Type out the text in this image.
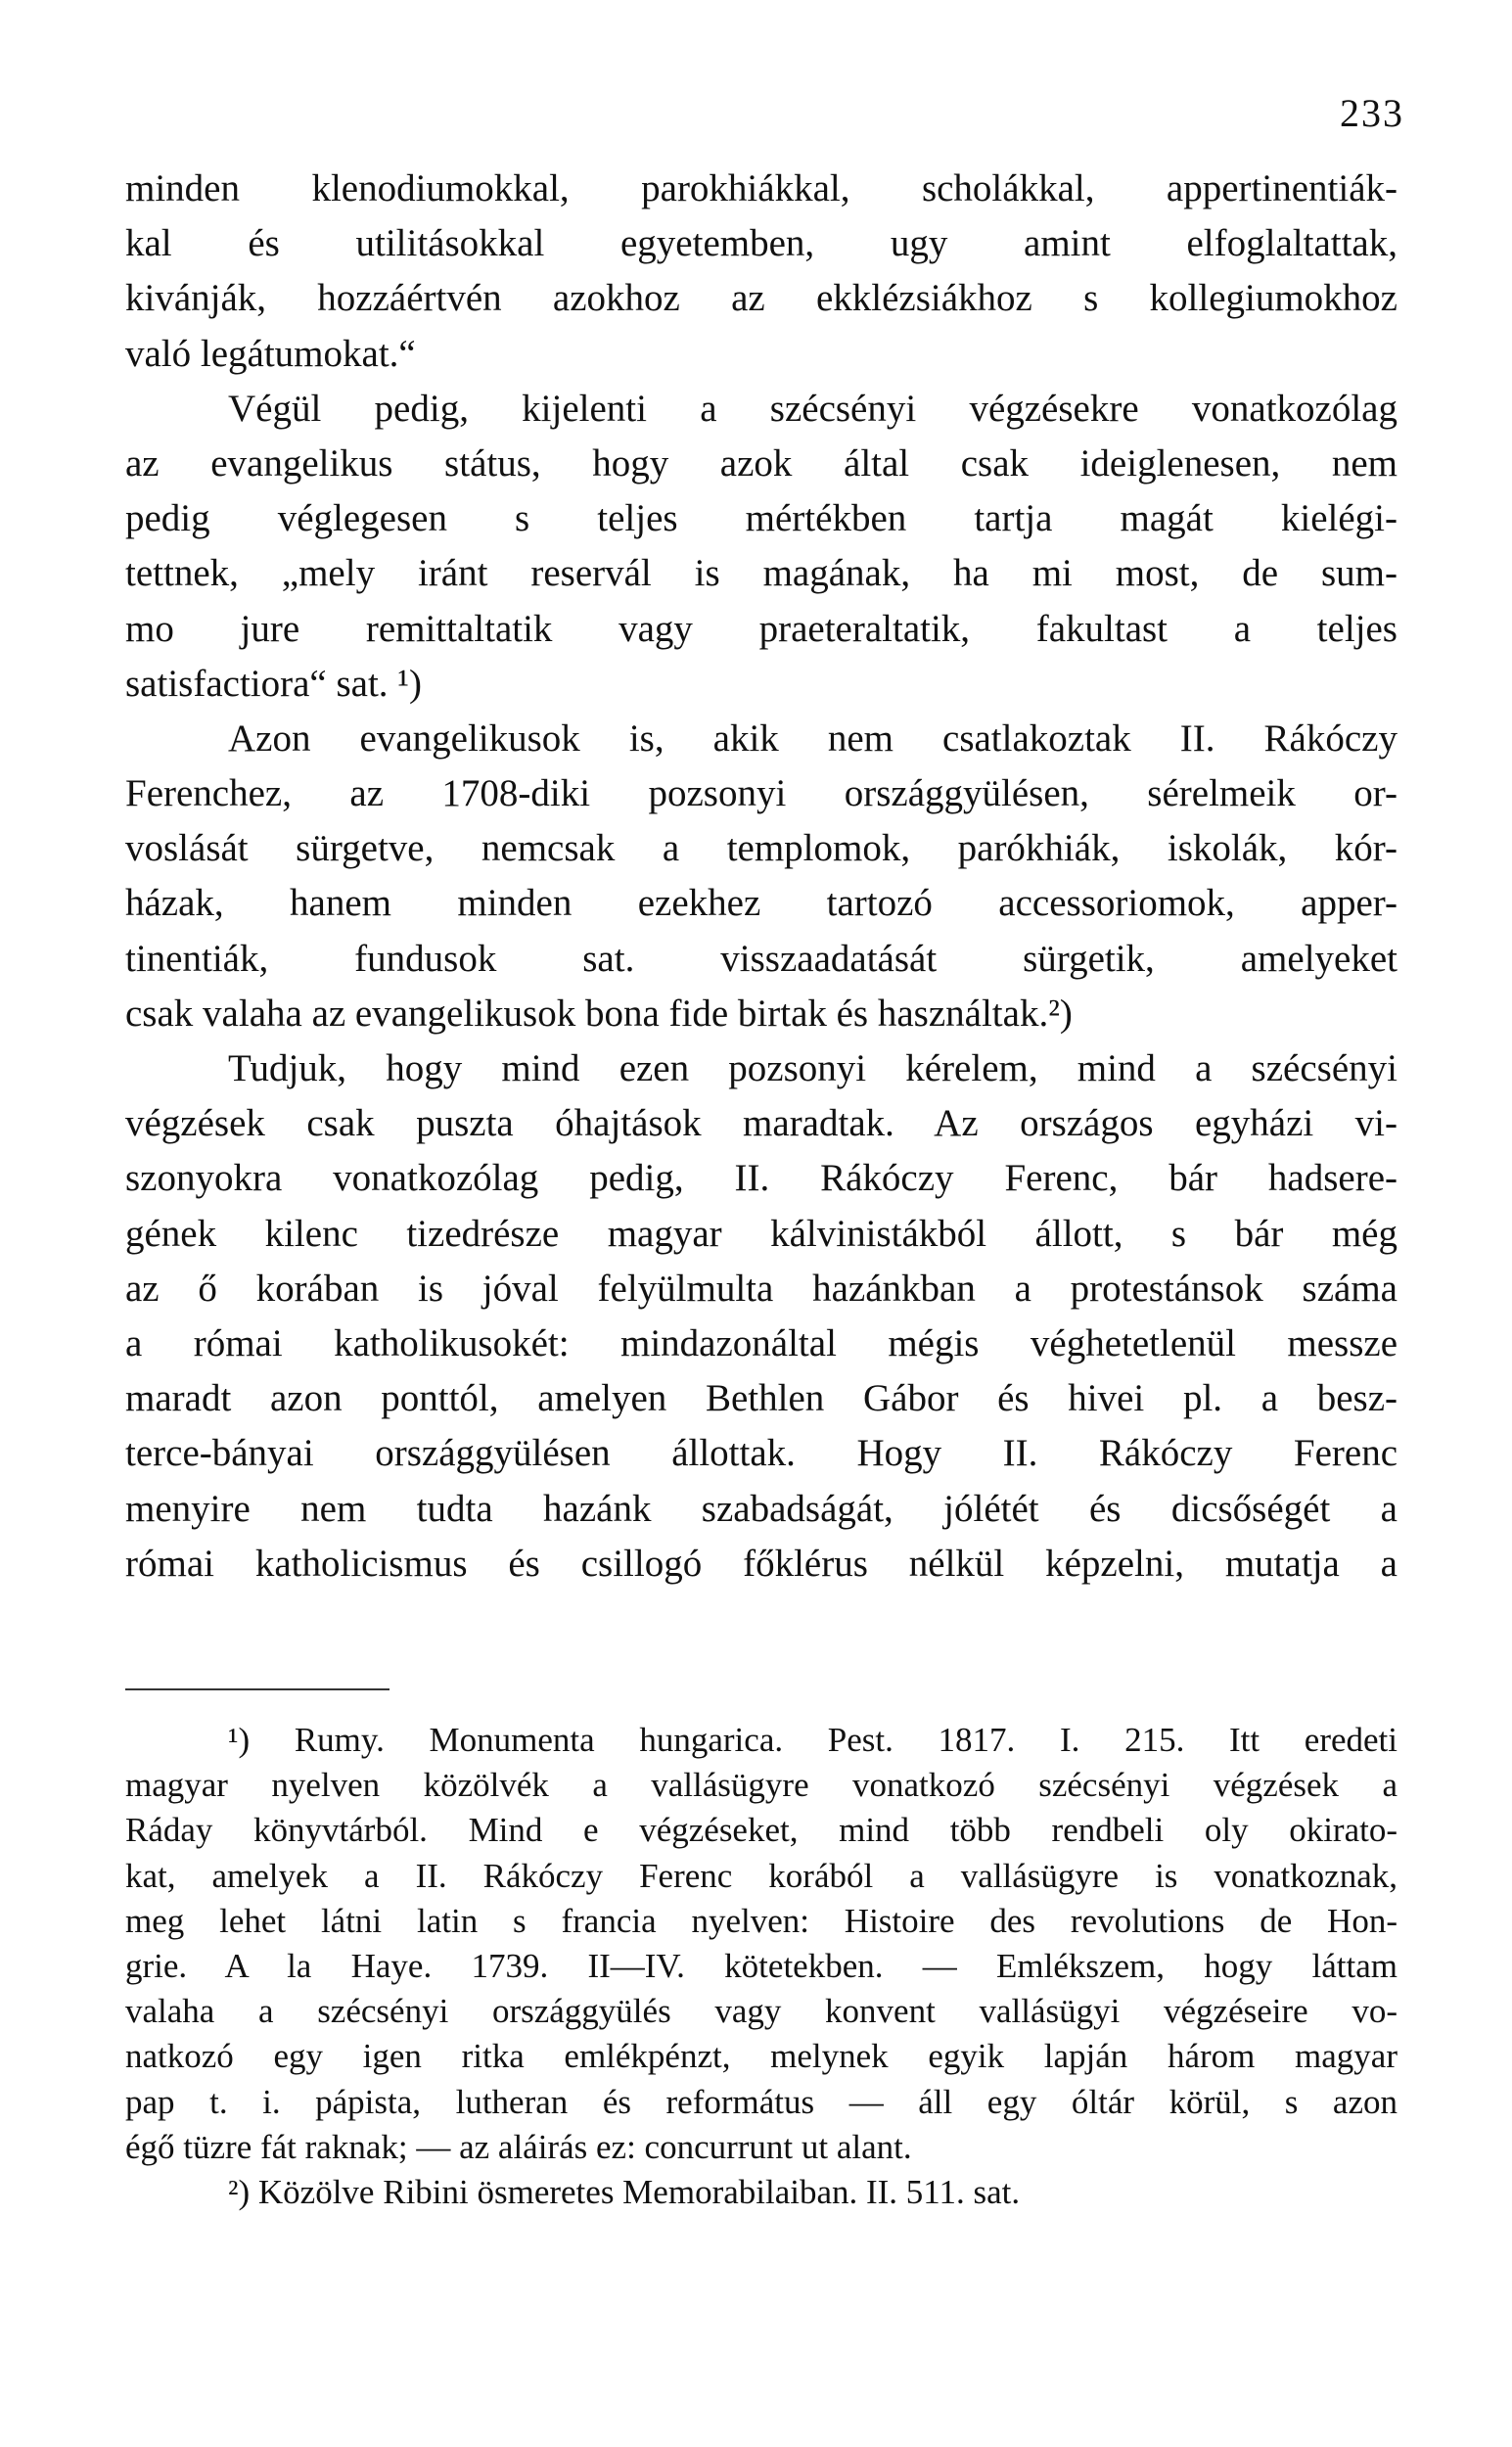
233
minden klenodiumokkal, parokhiákkal, scholákkal, appertinentiák-
kal és utilitásokkal egyetemben, ugy amint elfoglaltattak,
kivánják, hozzáértvén azokhoz az ekklézsiákhoz s kollegiumokhoz
való legátumokat.“
Végül pedig, kijelenti a szécsényi végzésekre vonatkozólag
az evangelikus státus, hogy azok által csak ideiglenesen, nem
pedig véglegesen s teljes mértékben tartja magát kielégi-
tettnek, „mely iránt reservál is magának, ha mi most, de sum-
mo jure remittaltatik vagy praeteraltatik, fakultast a teljes
satisfactiora“ sat. ¹)
Azon evangelikusok is, akik nem csatlakoztak II. Rákóczy
Ferenchez, az 1708-diki pozsonyi országgyülésen, sérelmeik or-
voslását sürgetve, nemcsak a templomok, parókhiák, iskolák, kór-
házak, hanem minden ezekhez tartozó accessoriomok, apper-
tinentiák, fundusok sat. visszaadatását sürgetik, amelyeket
csak valaha az evangelikusok bona fide birtak és használtak.²)
Tudjuk, hogy mind ezen pozsonyi kérelem, mind a szécsényi
végzések csak puszta óhajtások maradtak. Az országos egyházi vi-
szonyokra vonatkozólag pedig, II. Rákóczy Ferenc, bár hadsere-
gének kilenc tizedrésze magyar kálvinistákból állott, s bár még
az ő korában is jóval felyülmulta hazánkban a protestánsok száma
a római katholikusokét: mindazonáltal mégis véghetetlenül messze
maradt azon ponttól, amelyen Bethlen Gábor és hivei pl. a besz-
terce-bányai országgyülésen állottak. Hogy II. Rákóczy Ferenc
menyire nem tudta hazánk szabadságát, jólétét és dicsőségét a
római katholicismus és csillogó főklérus nélkül képzelni, mutatja a
¹) Rumy. Monumenta hungarica. Pest. 1817. I. 215. Itt eredeti
magyar nyelven közölvék a vallásügyre vonatkozó szécsényi végzések a
Ráday könyvtárból. Mind e végzéseket, mind több rendbeli oly okirato-
kat, amelyek a II. Rákóczy Ferenc korából a vallásügyre is vonatkoznak,
meg lehet látni latin s francia nyelven: Histoire des revolutions de Hon-
grie. A la Haye. 1739. II—IV. kötetekben. — Emlékszem, hogy láttam
valaha a szécsényi országgyülés vagy konvent vallásügyi végzéseire vo-
natkozó egy igen ritka emlékpénzt, melynek egyik lapján három magyar
pap t. i. pápista, lutheran és református — áll egy óltár körül, s azon
égő tüzre fát raknak; — az aláirás ez: concurrunt ut alant.
²) Közölve Ribini ösmeretes Memorabilaiban. II. 511. sat.
